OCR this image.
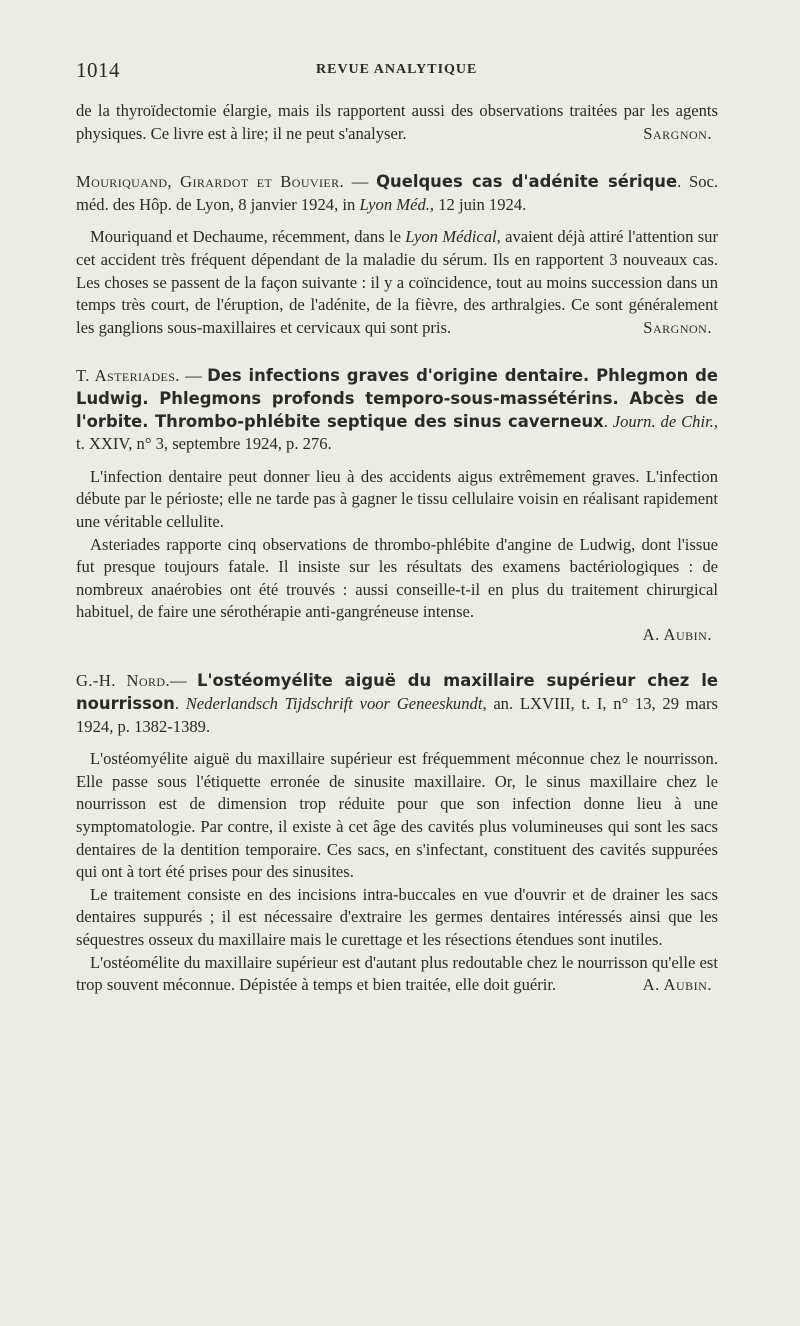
1014	REVUE ANALYTIQUE

de la thyroïdectomie élargie, mais ils rapportent aussi des observations traitées par les agents physiques. Ce livre est à lire; il ne peut s'analyser.	Sargnon.

Mouriquand, Girardot et Bouvier. — Quelques cas d'adénite sérique. Soc. méd. des Hôp. de Lyon, 8 janvier 1924, in Lyon Méd., 12 juin 1924.

Mouriquand et Dechaume, récemment, dans le Lyon Médical, avaient déjà attiré l'attention sur cet accident très fréquent dépendant de la maladie du sérum. Ils en rapportent 3 nouveaux cas. Les choses se passent de la façon suivante : il y a coïncidence, tout au moins succession dans un temps très court, de l'éruption, de l'adénite, de la fièvre, des arthralgies. Ce sont généralement les ganglions sous-maxillaires et cervicaux qui sont pris.	Sargnon.

T. Asteriades. — Des infections graves d'origine dentaire. Phlegmon de Ludwig. Phlegmons profonds temporo-sous-massétérins. Abcès de l'orbite. Thrombo-phlébite septique des sinus caverneux. Journ. de Chir., t. XXIV, n° 3, septembre 1924, p. 276.

L'infection dentaire peut donner lieu à des accidents aigus extrêmement graves. L'infection débute par le périoste; elle ne tarde pas à gagner le tissu cellulaire voisin en réalisant rapidement une véritable cellulite.

Asteriades rapporte cinq observations de thrombo-phlébite d'angine de Ludwig, dont l'issue fut presque toujours fatale. Il insiste sur les résultats des examens bactériologiques : de nombreux anaérobies ont été trouvés : aussi conseille-t-il en plus du traitement chirurgical habituel, de faire une sérothérapie anti-gangréneuse intense.

A. Aubin.

G.-H. Nord.— L'ostéomyélite aiguë du maxillaire supérieur chez le nourrisson. Nederlandsch Tijdschrift voor Geneeskundt, an. LXVIII, t. I, n° 13, 29 mars 1924, p. 1382-1389.

L'ostéomyélite aiguë du maxillaire supérieur est fréquemment méconnue chez le nourrisson. Elle passe sous l'étiquette erronée de sinusite maxillaire. Or, le sinus maxillaire chez le nourrisson est de dimension trop réduite pour que son infection donne lieu à une symptomatologie. Par contre, il existe à cet âge des cavités plus volumineuses qui sont les sacs dentaires de la dentition temporaire. Ces sacs, en s'infectant, constituent des cavités suppurées qui ont à tort été prises pour des sinusites.

Le traitement consiste en des incisions intra-buccales en vue d'ouvrir et de drainer les sacs dentaires suppurés ; il est nécessaire d'extraire les germes dentaires intéressés ainsi que les séquestres osseux du maxillaire mais le curettage et les résections étendues sont inutiles.

L'ostéomélite du maxillaire supérieur est d'autant plus redoutable chez le nourrisson qu'elle est trop souvent méconnue. Dépistée à temps et bien traitée, elle doit guérir.	A. Aubin.
